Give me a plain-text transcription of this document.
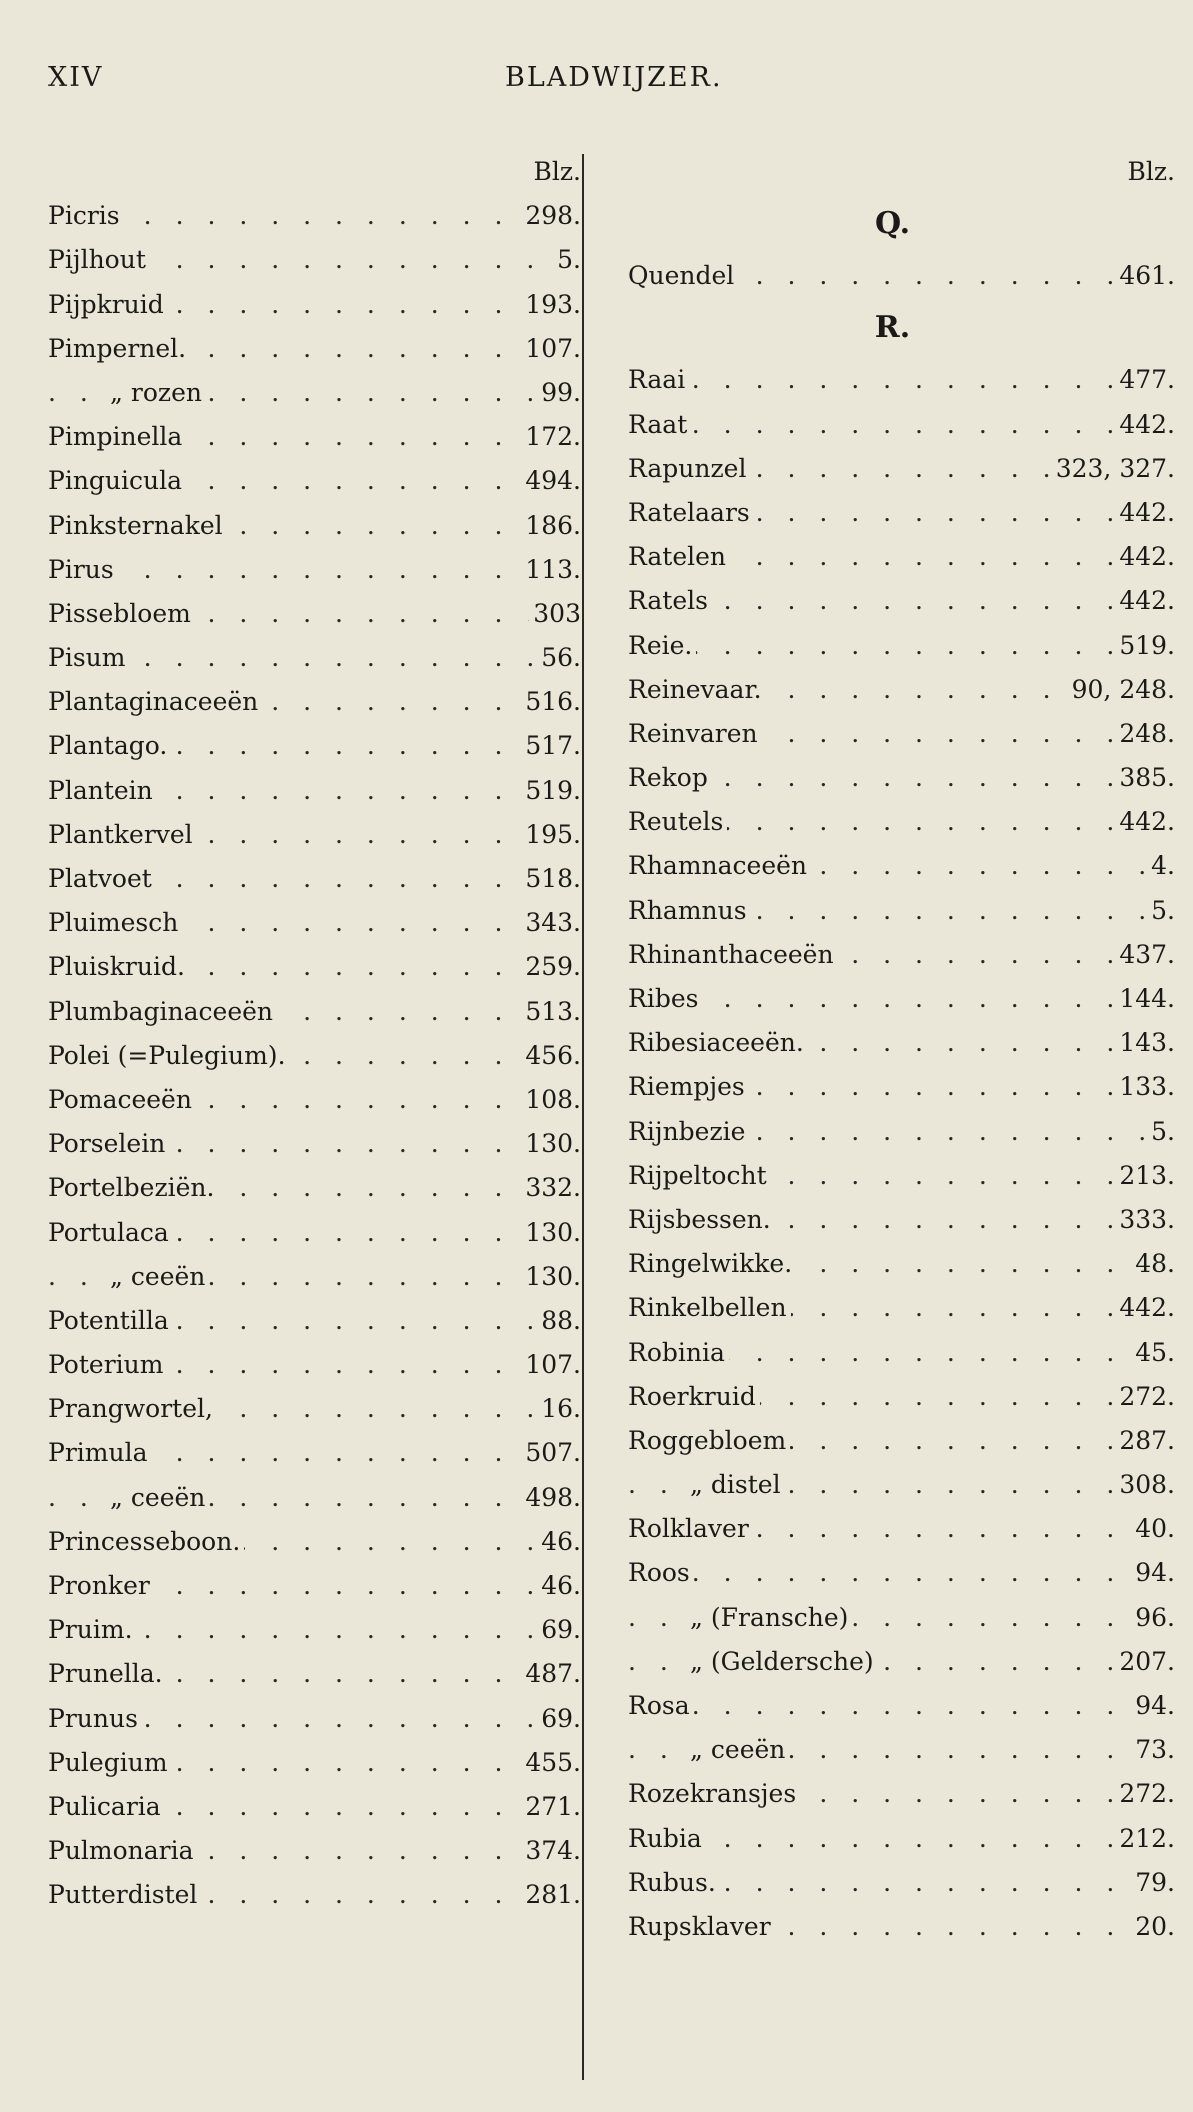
XIV	BLADWIJZER.
Blz.
. . .
Picris	298.
. . .
Pijlhout	5.
. . .
Pijpkruid	193.
. . .
Pimpernel.	107.
. . .
„ rozen	99.
. . .
Pimpinella	172.
. . .
Pinguicula	494.
. . .
Pinksternakel	186.
. . .
Pirus	113.
. . .
Pissebloem	303
. . .
Pisum	56.
. . .
Plantaginaceeën	516.
. . .
Plantago.	517.
. . .
Plantein	519.
. . .
Plantkervel	195.
. . .
Platvoet	518.
. . .
Pluimesch	343.
. . .
Pluiskruid.	259.
. . .
Plumbaginaceeën	513.
. . .
Polei (=Pulegium).	456.
. . .
Pomaceeën	108.
. . .
Porselein	130.
. . .
Portelbeziën.	332.
. . .
Portulaca	130.
. . .
„ ceeën	130.
. . .
Potentilla	88.
. . .
Poterium	107.
. . .
Prangwortel,	16.
. . .
Primula	507.
. . .
„ ceeën	498.
. . .
Princesseboon.	46.
. . .
Pronker	46.
. . .
Pruim.	69.
. . .
Prunella.	487.
. . .
Prunus	69.
. . .
Pulegium	455.
. . .
Pulicaria	271.
. . .
Pulmonaria	374.
. . .
Putterdistel	281.
Blz.
Q.
. . .
Quendel	461.
R.
. . .
Raai	477.
. . .
Raat	442.
. . .
Rapunzel	323, 327.
. . .
Ratelaars	442.
. . .
Ratelen	442.
. . .
Ratels	442.
. . .
Reie.	519.
. . .
Reinevaar.	90, 248.
. . .
Reinvaren	248.
. . .
Rekop	385.
. . .
Reutels	442.
. . .
Rhamnaceeën	4.
. . .
Rhamnus	5.
. . .
Rhinanthaceeën	437.
. . .
Ribes	144.
. . .
Ribesiaceeën.	143.
. . .
Riempjes	133.
. . .
Rijnbezie	5.
. . .
Rijpeltocht	213.
. . .
Rijsbessen.	333.
. . .
Ringelwikke.	48.
. . .
Rinkelbellen	442.
. . .
Robinia	45.
. . .
Roerkruid	272.
. . .
Roggebloem	287.
. . .
„ distel	308.
. . .
Rolklaver	40.
. . .
Roos	94.
. . .
„ (Fransche)	96.
. . .
„ (Geldersche)	207.
. . .
Rosa	94.
. . .
„ ceeën	73.
. . .
Rozekransjes	272.
. . .
Rubia	212.
. . .
Rubus.	79.
. . .
Rupsklaver	20.
